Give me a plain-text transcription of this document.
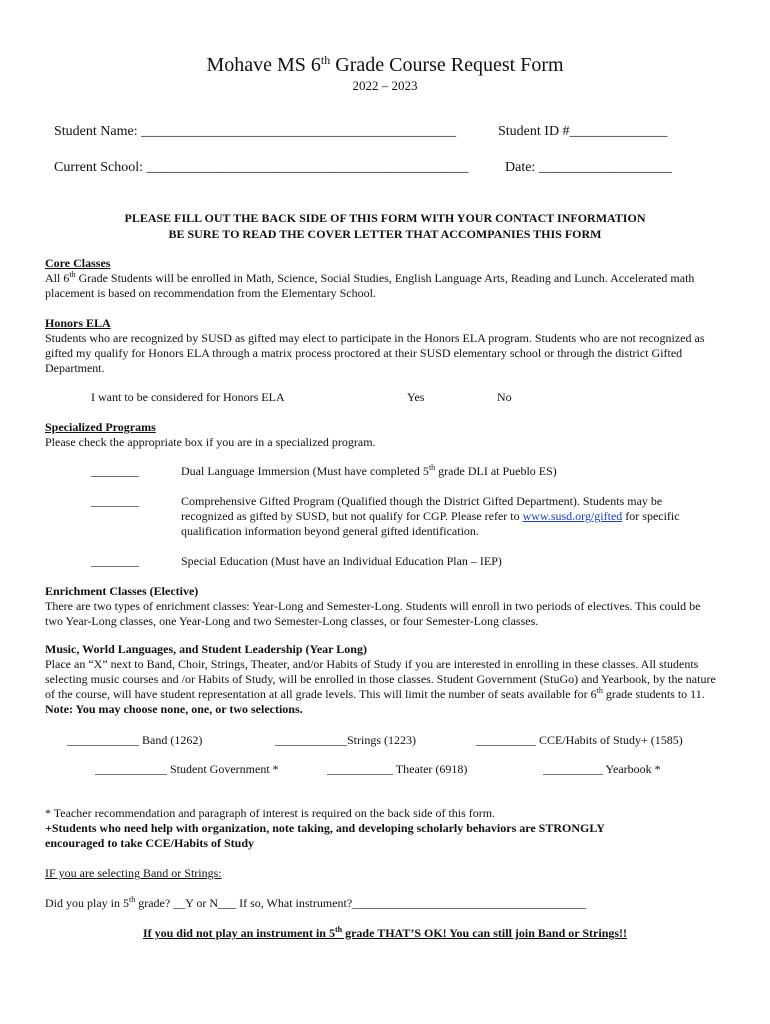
Mohave MS 6th Grade Course Request Form
2022 – 2023
Student Name: _____________________________________________	Student ID #______________
Current School: ______________________________________________	Date: ___________________
PLEASE FILL OUT THE BACK SIDE OF THIS FORM WITH YOUR CONTACT INFORMATION
BE SURE TO READ THE COVER LETTER THAT ACCOMPANIES THIS FORM
Core Classes
All 6th Grade Students will be enrolled in Math, Science, Social Studies, English Language Arts, Reading and Lunch. Accelerated math placement is based on recommendation from the Elementary School.
Honors ELA
Students who are recognized by SUSD as gifted may elect to participate in the Honors ELA program. Students who are not recognized as gifted my qualify for Honors ELA through a matrix process proctored at their SUSD elementary school or through the district Gifted Department.
I want to be considered for Honors ELA	Yes	No
Specialized Programs
Please check the appropriate box if you are in a specialized program.
________	Dual Language Immersion (Must have completed 5th grade DLI at Pueblo ES)
________	Comprehensive Gifted Program (Qualified though the District Gifted Department). Students may be recognized as gifted by SUSD, but not qualify for CGP. Please refer to www.susd.org/gifted for specific qualification information beyond general gifted identification.
________	Special Education (Must have an Individual Education Plan – IEP)
Enrichment Classes (Elective)
There are two types of enrichment classes: Year-Long and Semester-Long. Students will enroll in two periods of electives. This could be two Year-Long classes, one Year-Long and two Semester-Long classes, or four Semester-Long classes.
Music, World Languages, and Student Leadership (Year Long)
Place an “X” next to Band, Choir, Strings, Theater, and/or Habits of Study if you are interested in enrolling in these classes. All students selecting music courses and /or Habits of Study, will be enrolled in those classes. Student Government (StuGo) and Yearbook, by the nature of the course, will have student representation at all grade levels. This will limit the number of seats available for 6th grade students to 11. Note: You may choose none, one, or two selections.
____________ Band (1262)	____________Strings (1223)	__________ CCE/Habits of Study+ (1585)
____________ Student Government *	___________ Theater (6918)	__________ Yearbook *
* Teacher recommendation and paragraph of interest is required on the back side of this form.
+Students who need help with organization, note taking, and developing scholarly behaviors are STRONGLY encouraged to take CCE/Habits of Study
IF you are selecting Band or Strings:
Did you play in 5th grade? __Y or N___ If so, What instrument?_______________________________________
If you did not play an instrument in 5th grade THAT’S OK! You can still join Band or Strings!!
